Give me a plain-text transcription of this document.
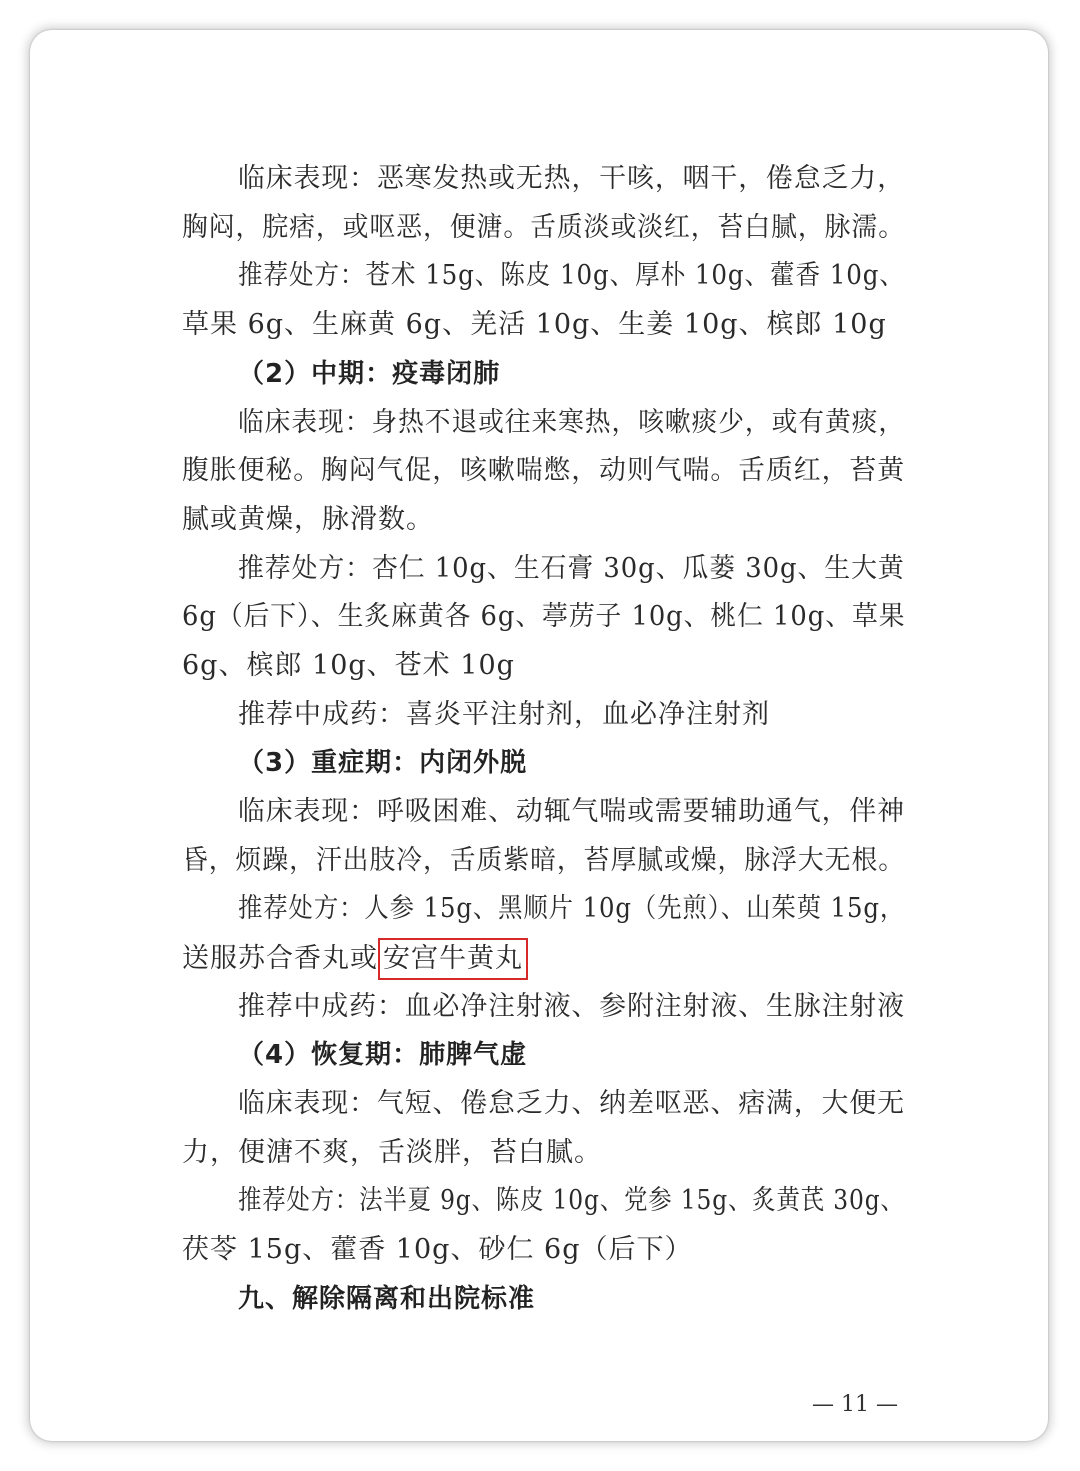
临床表现：恶寒发热或无热，干咳，咽干，倦怠乏力，
胸闷，脘痞，或呕恶，便溏。舌质淡或淡红，苔白腻，脉濡。
推荐处方：苍术 15g、陈皮 10g、厚朴 10g、藿香 10g、
草果 6g、生麻黄 6g、羌活 10g、生姜 10g、槟郎 10g
（2）中期：疫毒闭肺
临床表现：身热不退或往来寒热，咳嗽痰少，或有黄痰，
腹胀便秘。胸闷气促，咳嗽喘憋，动则气喘。舌质红，苔黄
腻或黄燥，脉滑数。
推荐处方：杏仁 10g、生石膏 30g、瓜蒌 30g、生大黄
6g（后下）、生炙麻黄各 6g、葶苈子 10g、桃仁 10g、草果
6g、槟郎 10g、苍术 10g
推荐中成药：喜炎平注射剂，血必净注射剂
（3）重症期：内闭外脱
临床表现：呼吸困难、动辄气喘或需要辅助通气，伴神
昏，烦躁，汗出肢冷，舌质紫暗，苔厚腻或燥，脉浮大无根。
推荐处方：人参 15g、黑顺片 10g（先煎）、山茱萸 15g，
送服苏合香丸或 安宫牛黄丸
推荐中成药：血必净注射液、参附注射液、生脉注射液
（4）恢复期：肺脾气虚
临床表现：气短、倦怠乏力、纳差呕恶、痞满，大便无
力，便溏不爽，舌淡胖，苔白腻。
推荐处方：法半夏 9g、陈皮 10g、党参 15g、炙黄芪 30g、
茯苓 15g、藿香 10g、砂仁 6g（后下）
九、解除隔离和出院标准
— 11 —
